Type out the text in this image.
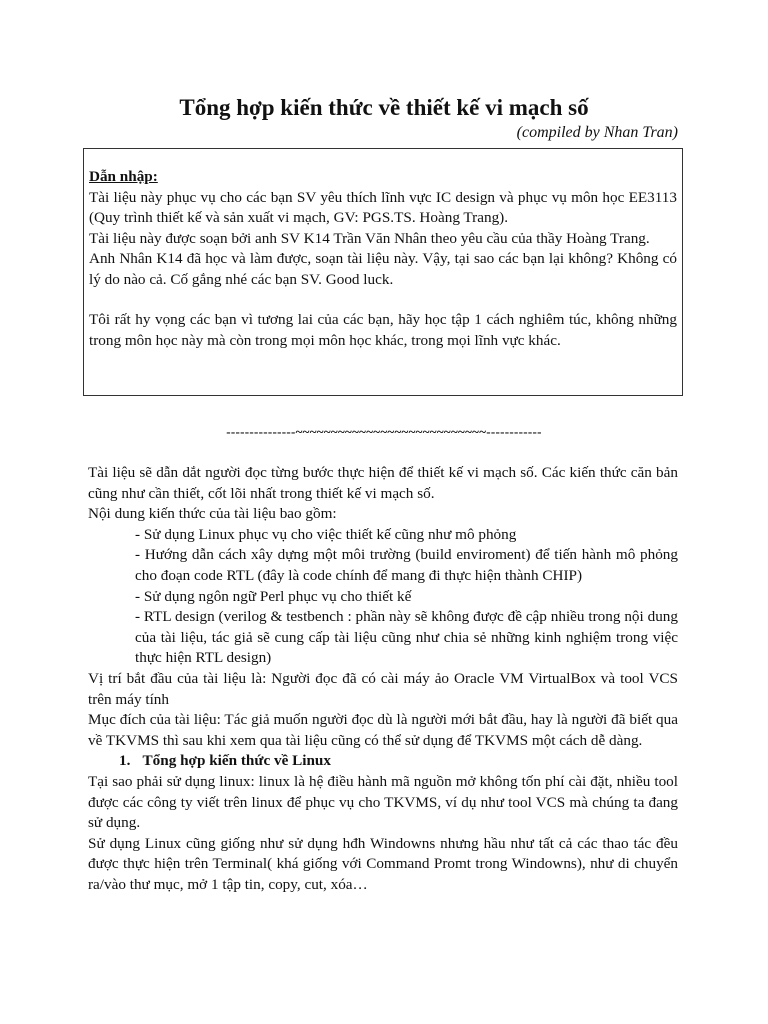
Tổng hợp kiến thức về thiết kế vi mạch số
(compiled by Nhan Tran)

Dẫn nhập:

Tài liệu này phục vụ cho các bạn SV yêu thích lĩnh vực IC design và phục vụ môn học EE3113 (Quy trình thiết kế và sản xuất vi mạch, GV: PGS.TS. Hoàng Trang).

Tài liệu này được soạn bởi anh SV K14 Trần Văn Nhân theo yêu cầu của thầy Hoàng Trang.

Anh Nhân K14 đã học và làm được, soạn tài liệu này. Vậy, tại sao các bạn lại không? Không có lý do nào cả. Cố gắng nhé các bạn SV. Good luck.

Tôi rất hy vọng các bạn vì tương lai của các bạn, hãy học tập 1 cách nghiêm túc, không những trong môn học này mà còn trong mọi môn học khác, trong mọi lĩnh vực khác.

---------------~~~~~~~~~~~~~~~~~~~~~~~~~~~------------

Tài liệu sẽ dẫn dắt người đọc từng bước thực hiện để thiết kế vi mạch số. Các kiến thức căn bản cũng như cần thiết, cốt lõi nhất trong thiết kế vi mạch số.

Nội dung kiến thức của tài liệu bao gồm:

- Sử dụng Linux phục vụ cho việc thiết kế cũng như mô phỏng

- Hướng dẫn cách xây dựng một môi trường (build enviroment) để tiến hành mô phỏng cho đoạn code RTL (đây là code chính để mang đi thực hiện thành CHIP)

- Sử dụng ngôn ngữ Perl phục vụ cho thiết kế

- RTL design (verilog & testbench : phần này sẽ không được đề cập nhiều trong nội dung của tài liệu, tác giả sẽ cung cấp tài liệu cũng như chia sẻ những kinh nghiệm trong việc thực hiện RTL design)

Vị trí bắt đầu của tài liệu là: Người đọc đã có cài máy ảo Oracle VM VirtualBox và tool VCS trên máy tính

Mục đích của tài liệu: Tác giả muốn người đọc dù là người mới bắt đầu, hay là người đã biết qua về TKVMS thì sau khi xem qua tài liệu cũng có thể sử dụng để TKVMS một cách dễ dàng.

1. Tổng hợp kiến thức về Linux

Tại sao phải sử dụng linux: linux là hệ điều hành mã nguồn mở không tốn phí cài đặt, nhiều tool được các công ty viết trên linux để phục vụ cho TKVMS, ví dụ như tool VCS mà chúng ta đang sử dụng.

Sử dụng Linux cũng giống như sử dụng hđh Windowns nhưng hầu như tất cả các thao tác đều được thực hiện trên Terminal( khá giống với Command Promt trong Windowns), như di chuyển ra/vào thư mục, mở 1 tập tin, copy, cut, xóa…
